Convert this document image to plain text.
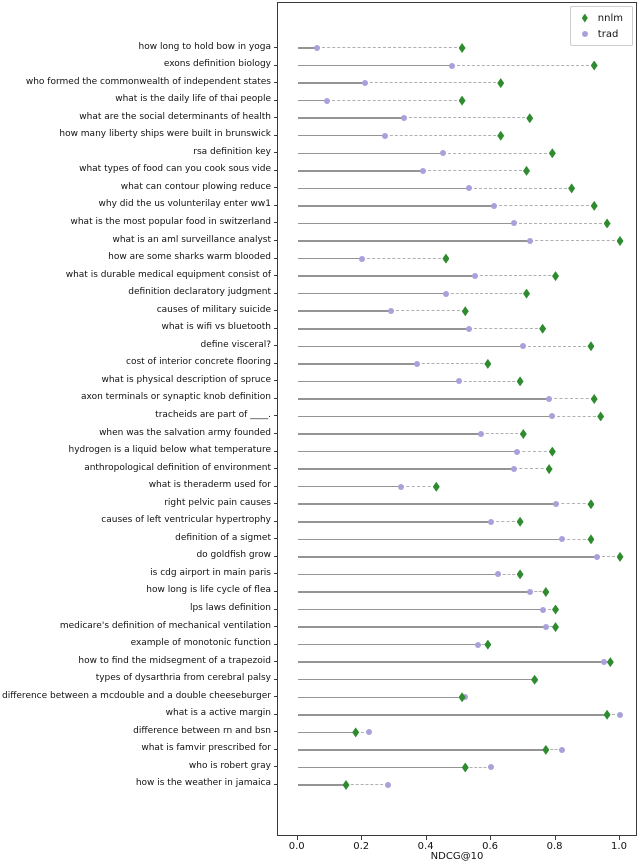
how long to hold bow in yoga
exons definition biology
who formed the commonwealth of independent states
what is the daily life of thai people
what are the social determinants of health
how many liberty ships were built in brunswick
rsa definition key
what types of food can you cook sous vide
what can contour plowing reduce
why did the us volunterilay enter ww1
what is the most popular food in switzerland
what is an aml surveillance analyst
how are some sharks warm blooded
what is durable medical equipment consist of
definition declaratory judgment
causes of military suicide
what is wifi vs bluetooth
define visceral?
cost of interior concrete flooring
what is physical description of spruce
axon terminals or synaptic knob definition
tracheids are part of ____.
when was the salvation army founded
hydrogen is a liquid below what temperature
anthropological definition of environment
what is theraderm used for
right pelvic pain causes
causes of left ventricular hypertrophy
definition of a sigmet
do goldfish grow
is cdg airport in main paris
how long is life cycle of flea
lps laws definition
medicare's definition of mechanical ventilation
example of monotonic function
how to find the midsegment of a trapezoid
types of dysarthria from cerebral palsy
difference between a mcdouble and a double cheeseburger
what is a active margin
difference between rn and bsn
what is famvir prescribed for
who is robert gray
how is the weather in jamaica
nnlm
trad
NDCG@10
0.0	0.2	0.4	0.6	0.8	1.0
